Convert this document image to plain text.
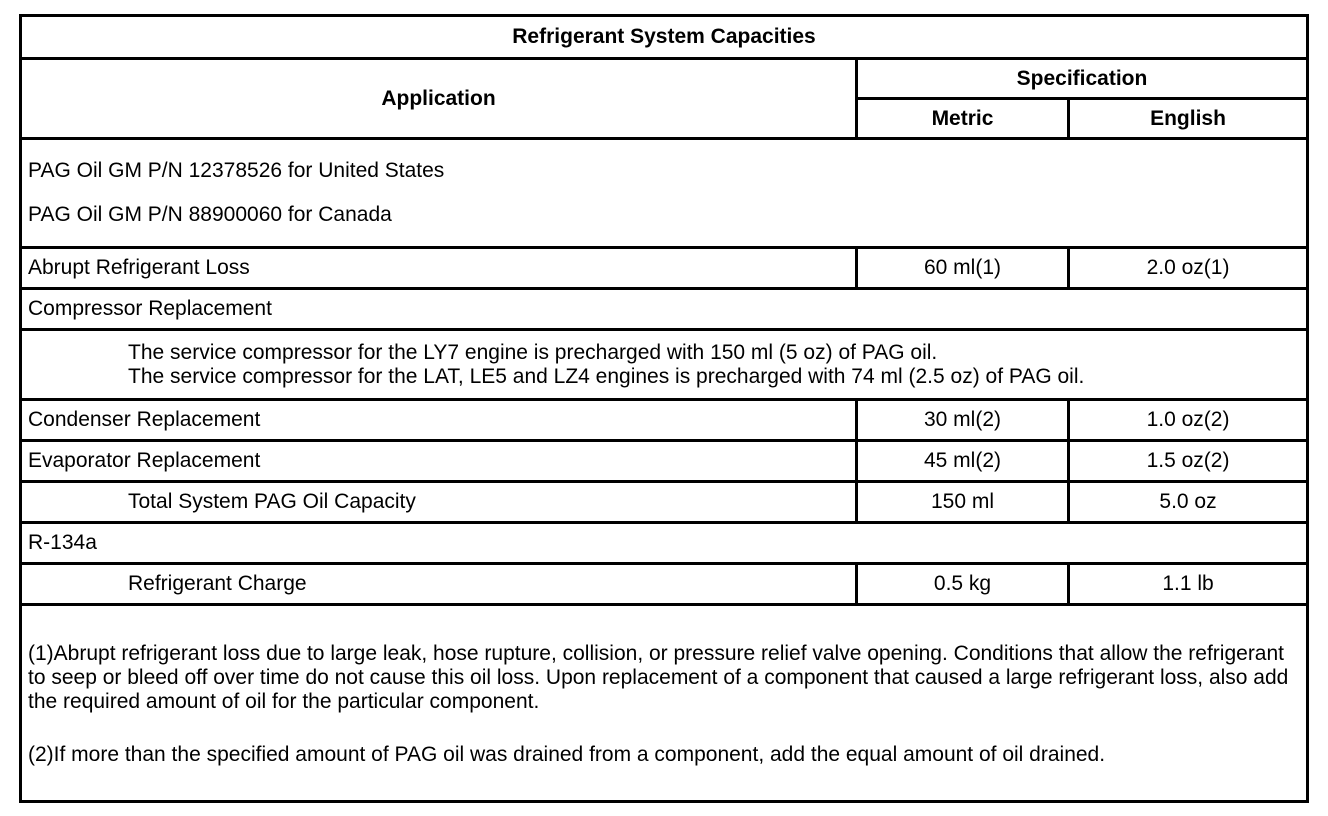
Refrigerant System Capacities		
Application	Specification	
	Metric	English

PAG Oil GM P/N 12378526 for United States
PAG Oil GM P/N 88900060 for Canada		

Abrupt Refrigerant Loss	60 ml(1)	2.0 oz(1)
Compressor Replacement		

The service compressor for the LY7 engine is precharged with 150 ml (5 oz) of PAG oil.
The service compressor for the LAT, LE5 and LZ4 engines is precharged with 74 ml (2.5 oz) of PAG oil.		

Condenser Replacement	30 ml(2)	1.0 oz(2)
Evaporator Replacement	45 ml(2)	1.5 oz(2)
Total System PAG Oil Capacity	150 ml	5.0 oz
R-134a		
Refrigerant Charge	0.5 kg	1.1 lb

(1)Abrupt refrigerant loss due to large leak, hose rupture, collision, or pressure relief valve opening. Conditions that allow the refrigerant to seep or bleed off over time do not cause this oil loss. Upon replacement of a component that caused a large refrigerant loss, also add the required amount of oil for the particular component.
(2)If more than the specified amount of PAG oil was drained from a component, add the equal amount of oil drained.		
